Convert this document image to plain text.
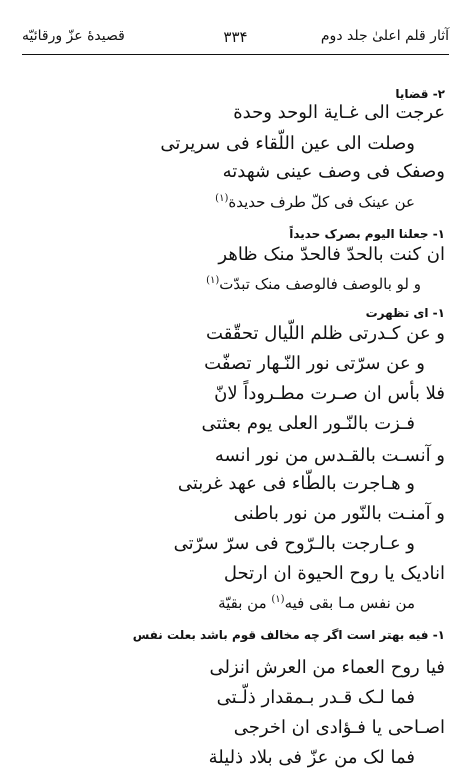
آثار قلم اعلیٰ جلد دوم
۳۳۴
قصیدهٔ عزّ ورقائیّه
۲- قضایا
عرجت الی غـایة الوحد وحدة
وصلت الی عین اللّقاء فی سریرتی
وصفک فی وصف عینی شهدته
عن عینک فی کلّ طرف حدیدة$^{(۱)}$
۱- جعلنا الیوم بصرک حدیداً
ان کنت بالحدّ فالحدّ منک ظاهر
و لو بالوصف فالوصف منک تبدّت$^{(۱)}$
۱- ای تظهرت
و عن کـدرتی ظلم اللّیال تحقّقت
و عن سرّتی نور النّـهار تصفّت
فلا بأس ان صـرت مطـروداً لانّ
فـزت بالنّـور العلی یوم بعثتی
و آنسـت بالقـدس من نور انسه
و هـاجرت بالطّاء فی عهد غربتی
و آمنـت بالنّور من نور باطنی
و عـارجت بالـرّوح فی سرّ سرّتی
اناديک یا روح الحیوة ان ارتحل
من نفس مـا بقی فیه$^{(۱)}$ من بقیّة
۱- فیه بهتر است اگر چه مخالف قوم باشد بعلت نفس
فیا روح العماء من العرش انزلی
فما لـک قـدر بـمقدار ذلّـتی
اصـاحی یا فـؤادی ان اخرجی
فما لک من عزّ فی بلاد ذلیلة
